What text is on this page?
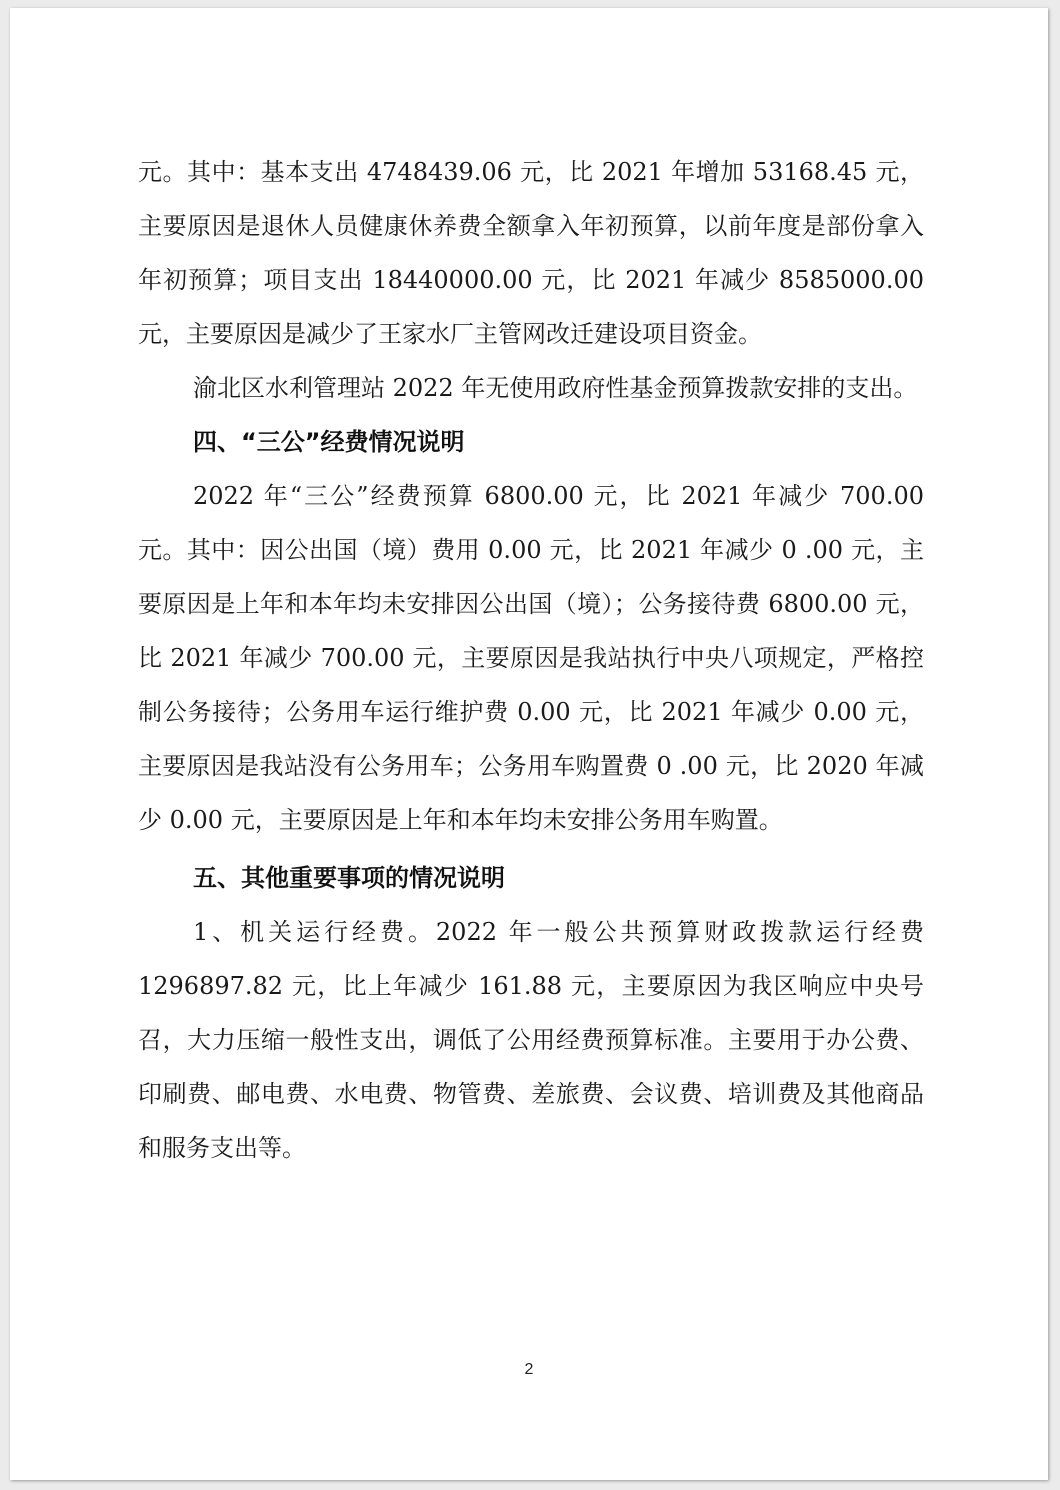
元。其中：基本支出 4748439.06 元，比 2021 年增加 53168.45 元，主要原因是退休人员健康休养费全额拿入年初预算，以前年度是部份拿入年初预算；项目支出 18440000.00 元，比 2021 年减少 8585000.00 元，主要原因是减少了王家水厂主管网改迁建设项目资金。

渝北区水利管理站 2022 年无使用政府性基金预算拨款安排的支出。

四、“三公”经费情况说明

2022 年“三公”经费预算 6800.00 元，比 2021 年减少 700.00 元。其中：因公出国（境）费用 0.00 元，比 2021 年减少 0 .00 元，主要原因是上年和本年均未安排因公出国（境）；公务接待费 6800.00 元，比 2021 年减少 700.00 元，主要原因是我站执行中央八项规定，严格控制公务接待；公务用车运行维护费 0.00 元，比 2021 年减少 0.00 元，主要原因是我站没有公务用车；公务用车购置费 0 .00 元，比 2020 年减少 0.00 元，主要原因是上年和本年均未安排公务用车购置。

五、其他重要事项的情况说明

1、机关运行经费。2022 年一般公共预算财政拨款运行经费 1296897.82 元，比上年减少 161.88 元，主要原因为我区响应中央号召，大力压缩一般性支出，调低了公用经费预算标准。主要用于办公费、印刷费、邮电费、水电费、物管费、差旅费、会议费、培训费及其他商品和服务支出等。

2
